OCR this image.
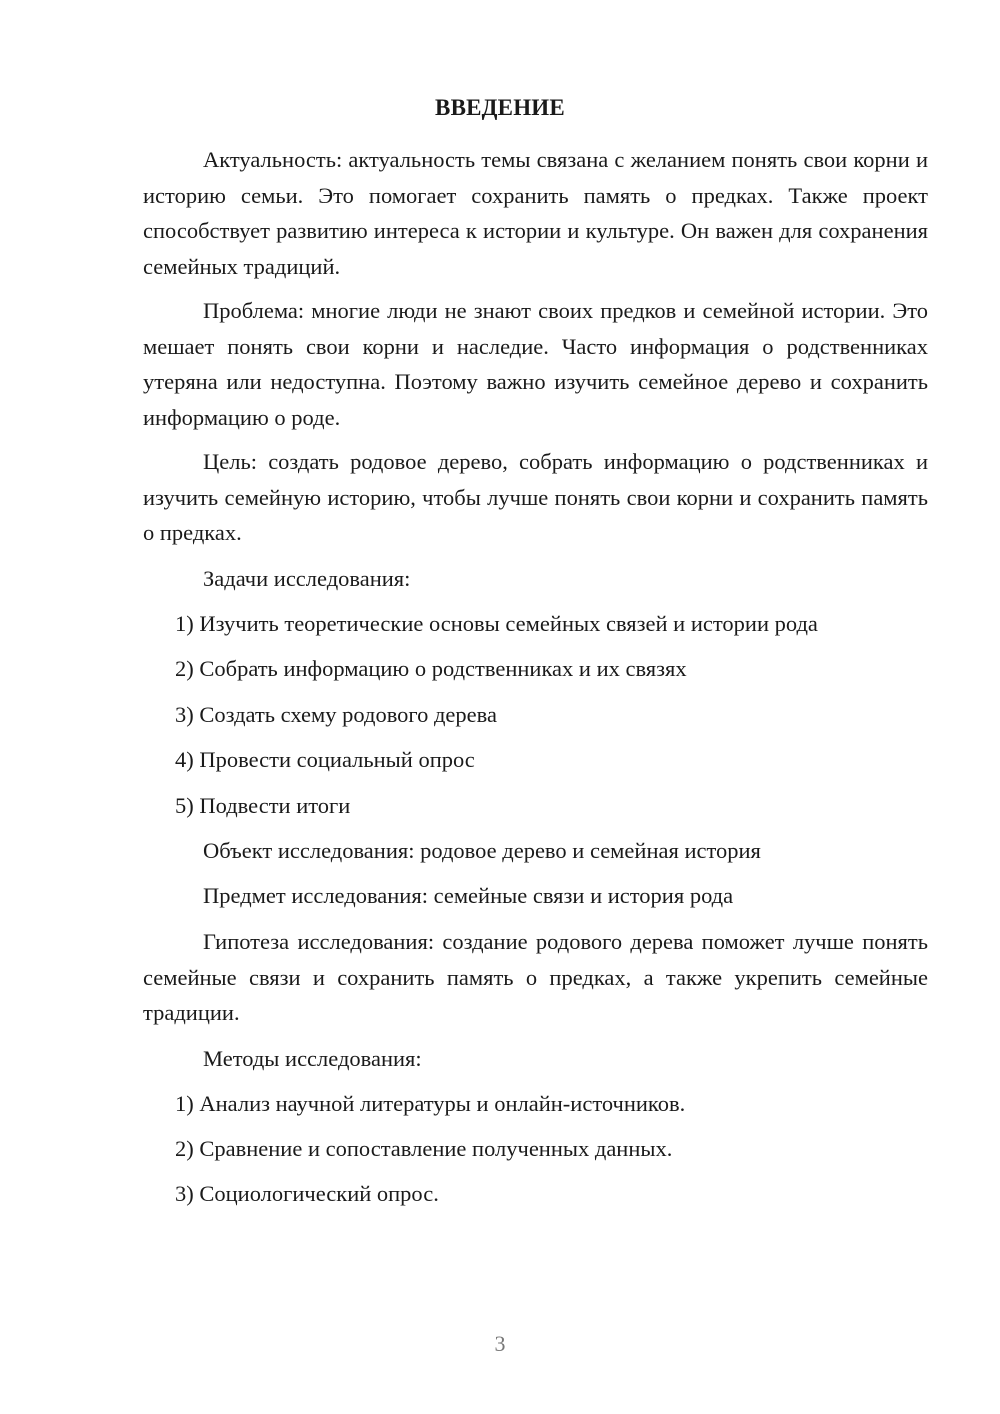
ВВЕДЕНИЕ

Актуальность: актуальность темы связана с желанием понять свои корни и историю семьи. Это помогает сохранить память о предках. Также проект способствует развитию интереса к истории и культуре. Он важен для сохранения семейных традиций.

Проблема: многие люди не знают своих предков и семейной истории. Это мешает понять свои корни и наследие. Часто информация о родственниках утеряна или недоступна. Поэтому важно изучить семейное дерево и сохранить информацию о роде.

Цель: создать родовое дерево, собрать информацию о родственниках и изучить семейную историю, чтобы лучше понять свои корни и сохранить память о предках.

Задачи исследования:

1) Изучить теоретические основы семейных связей и истории рода

2) Собрать информацию о родственниках и их связях

3) Создать схему родового дерева

4) Провести социальный опрос

5) Подвести итоги

Объект исследования: родовое дерево и семейная история

Предмет исследования: семейные связи и история рода

Гипотеза исследования: создание родового дерева поможет лучше понять семейные связи и сохранить память о предках, а также укрепить семейные традиции.

Методы исследования:

1) Анализ научной литературы и онлайн-источников.

2) Сравнение и сопоставление полученных данных.

3) Социологический опрос.

3
